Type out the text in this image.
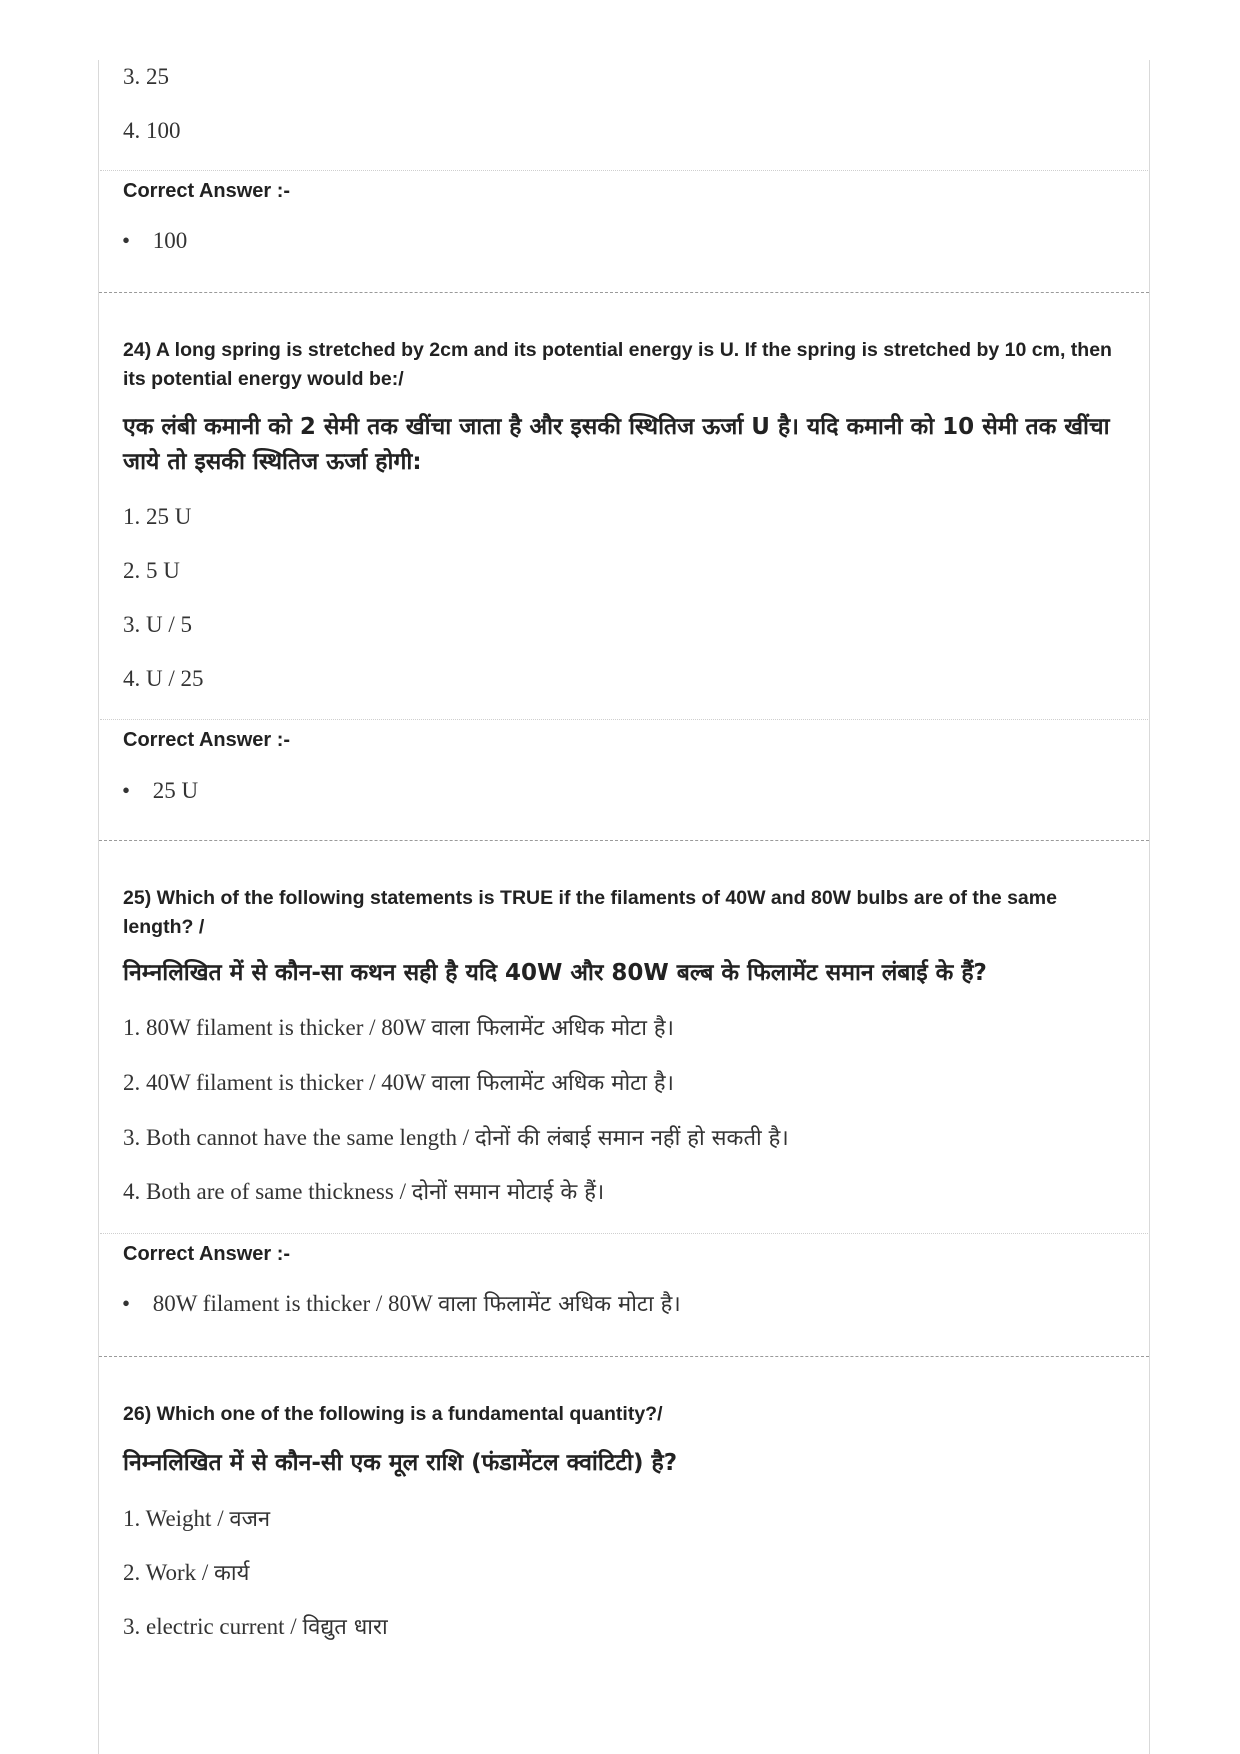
3. 25
4. 100
Correct Answer :-
• 100
24) A long spring is stretched by 2cm and its potential energy is U. If the spring is stretched by 10 cm, then its potential energy would be:/
एक लंबी कमानी को 2 सेमी तक खींचा जाता है और इसकी स्थितिज ऊर्जा U है। यदि कमानी को 10 सेमी तक खींचा जाये तो इसकी स्थितिज ऊर्जा होगी:
1. 25 U
2. 5 U
3. U / 5
4. U / 25
Correct Answer :-
• 25 U
25) Which of the following statements is TRUE if the filaments of 40W and 80W bulbs are of the same length? /
निम्नलिखित में से कौन-सा कथन सही है यदि 40W और 80W बल्ब के फिलामेंट समान लंबाई के हैं?
1. 80W filament is thicker / 80W वाला फिलामेंट अधिक मोटा है।
2. 40W filament is thicker / 40W वाला फिलामेंट अधिक मोटा है।
3. Both cannot have the same length / दोनों की लंबाई समान नहीं हो सकती है।
4. Both are of same thickness / दोनों समान मोटाई के हैं।
Correct Answer :-
• 80W filament is thicker / 80W वाला फिलामेंट अधिक मोटा है।
26) Which one of the following is a fundamental quantity?/
निम्नलिखित में से कौन-सी एक मूल राशि (फंडामेंटल क्वांटिटी) है?
1. Weight / वजन
2. Work / कार्य
3. electric current / विद्युत धारा
